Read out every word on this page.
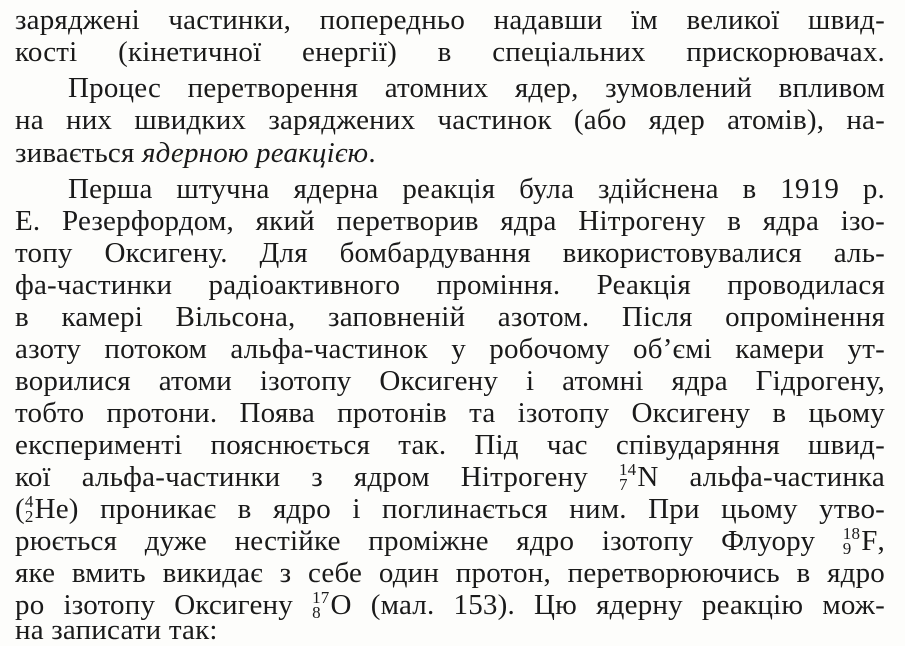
заряджені частинки, попередньо надавши їм великої швид-
кості (кінетичної енергії) в спеціальних прискорювачах.
Процес перетворення атомних ядер, зумовлений впливом
на них швидких заряджених частинок (або ядер атомів), на-
зивається ядерною реакцією.
Перша штучна ядерна реакція була здійснена в 1919 р.
Е. Резерфордом, який перетворив ядра Нітрогену в ядра ізо-
топу Оксигену. Для бомбардування використовувалися аль-
фа-частинки радіоактивного проміння. Реакція проводилася
в камері Вільсона, заповненій азотом. Після опромінення
азоту потоком альфа-частинок у робочому об’ємі камери ут-
ворилися атоми ізотопу Оксигену і атомні ядра Гідрогену,
тобто протони. Поява протонів та ізотопу Оксигену в цьому
експерименті пояснюється так. Під час співударяння швид-
кої альфа-частинки з ядром Нітрогену 14
7 N альфа-частинка
( 4
2 He) проникає в ядро і поглинається ним. При цьому утво-
рюється дуже нестійке проміжне ядро ізотопу Флуору 18
9 F,
яке вмить викидає з себе один протон, перетворюючись в ядро
ро ізотопу Оксигену 17
8 O (мал. 153). Цю ядерну реакцію мож-
на записати так:
